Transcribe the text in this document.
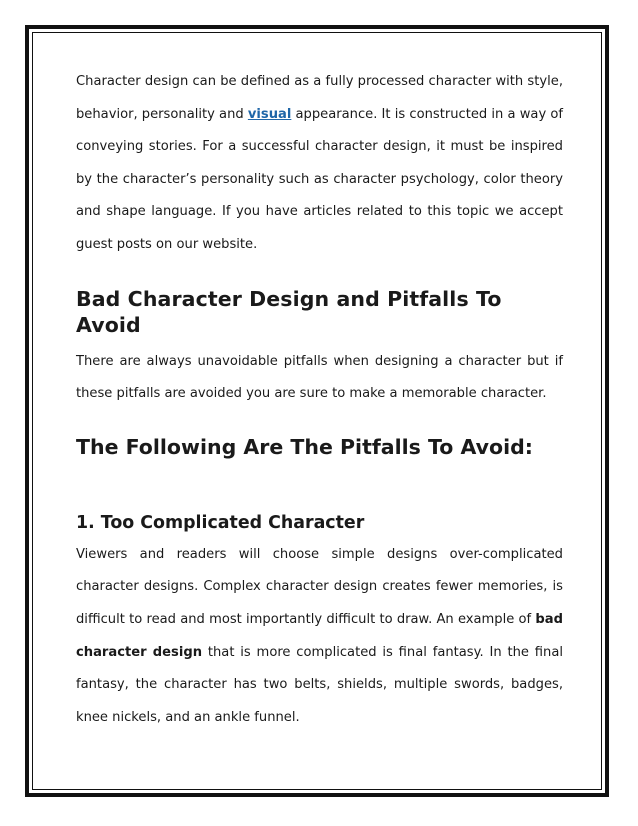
Character design can be defined as a fully processed character with style, behavior, personality and visual appearance. It is constructed in a way of conveying stories. For a successful character design, it must be inspired by the character’s personality such as character psychology, color theory and shape language. If you have articles related to this topic we accept guest posts on our website.

Bad Character Design and Pitfalls To Avoid

There are always unavoidable pitfalls when designing a character but if these pitfalls are avoided you are sure to make a memorable character.

The Following Are The Pitfalls To Avoid:
1. Too Complicated Character

Viewers and readers will choose simple designs over-complicated character designs. Complex character design creates fewer memories, is difficult to read and most importantly difficult to draw. An example of bad character design that is more complicated is final fantasy. In the final fantasy, the character has two belts, shields, multiple swords, badges, knee nickels, and an ankle funnel.
